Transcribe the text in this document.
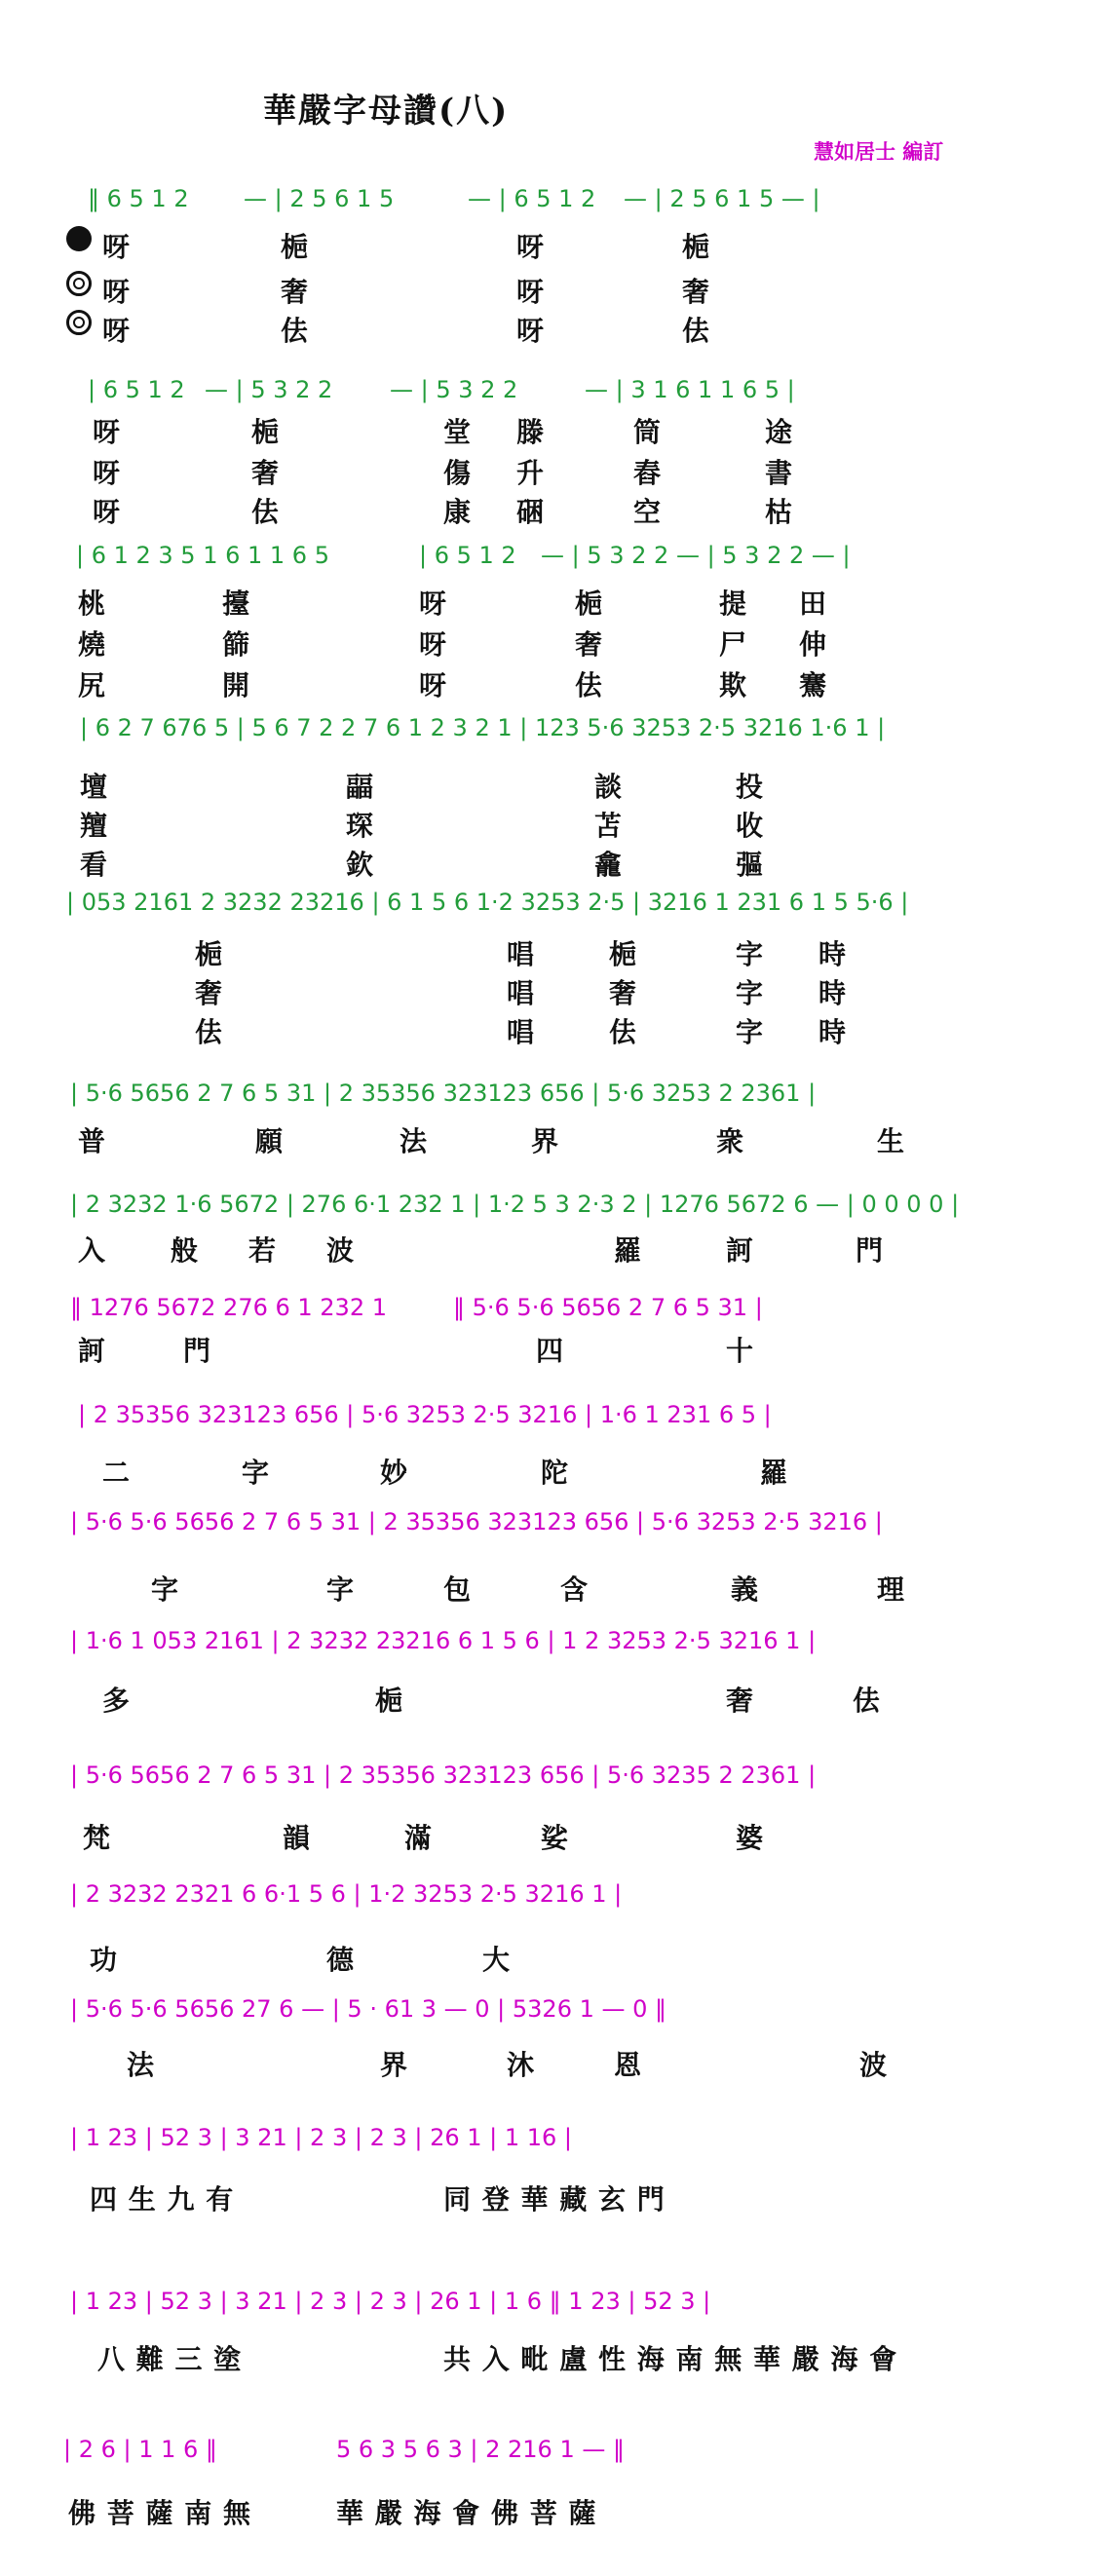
華嚴字母讚(八)
慧如居士 編訂
‖ 6 5 1 2 — | 2 5 6 1 5	— | 6 5 1 2 — | 2 5 6 1 5 — |
呀	梔	呀	梔
呀	奢	呀	奢
呀	佉	呀	佉
| 6 5 1 2 — | 5 3 2 2 — | 5 3 2 2	— | 3 1 6 1 1 6 5 |
呀	梔	堂 滕	筒	途
呀	奢	傷 升	舂	書
呀	佉	康 硱	空	枯
| 6 1 2 3 5 1 6 1 1 6 5	| 6 5 1 2 — | 5 3 2 2 — | 5 3 2 2 — |
桃	擡	呀	梔	提 田
燒	篩	呀	奢	尸 伸
尻	開	呀	佉	欺 騫
| 6 2 7 676 5 | 5 6 7 2 2 7 6 1 2 3 2 1 | 123 5·6 3253 2·5 3216 1·6 1 |
壇	㽬	談	投
羶	琛	苫	收
看	欽	龕	彄
| 053 2161 2 3232 23216 | 6 1 5 6 1·2 3253 2·5 | 3216 1 231 6 1 5 5·6 |
梔	唱	梔	字 時
奢	唱	奢	字 時
佉	唱	佉	字 時
| 5·6 5656 2 7 6 5 31 | 2 35356 323123 656 | 5·6 3253 2 2361 |
普	願	法	界	衆	生
| 2 3232 1·6 5672 | 276 6·1 232 1 | 1·2 5 3 2·3 2 | 1276 5672 6 — | 0 0 0 0 |
入 般 若 波	羅	訶	門
‖ 1276 5672 276 6 1 232 1	‖ 5·6 5·6 5656 2 7 6 5 31 |
訶	門	四	十
| 2 35356 323123 656 | 5·6 3253 2·5 3216 | 1·6 1 231 6 5 |
二	字	妙	陀	羅
| 5·6 5·6 5656 2 7 6 5 31 | 2 35356 323123 656 | 5·6 3253 2·5 3216 |
字	字	包	含	義	理
| 1·6 1 053 2161 | 2 3232 23216 6 1 5 6 | 1 2 3253 2·5 3216 1 |
多	梔	奢	佉
| 5·6 5656 2 7 6 5 31 | 2 35356 323123 656 | 5·6 3235 2 2361 |
梵	韻	滿	娑	婆
| 2 3232 2321 6 6·1 5 6 | 1·2 3253 2·5 3216 1 |
功	德	大
| 5·6 5·6 5656 27 6 — | 5 · 61 3 — 0 | 5326 1 — 0 ‖
法	界	沐	恩	波
| 1 23 | 52 3 | 3 21 | 2 3 | 2 3 | 26 1 | 1 16 |
四 生 九 有	同 登 華 藏 玄 門
| 1 23 | 52 3 | 3 21 | 2 3 | 2 3 | 26 1 | 1 6 ‖ 1 23 | 52 3 |
八 難 三 塗	共 入 毗 盧 性 海 南 無 華 嚴 海 會
| 2 6 | 1 1 6 ‖	5 6 3 5 6 3 | 2 216 1 — ‖
佛 菩 薩 南 無	華 嚴 海 會 佛 菩 薩
